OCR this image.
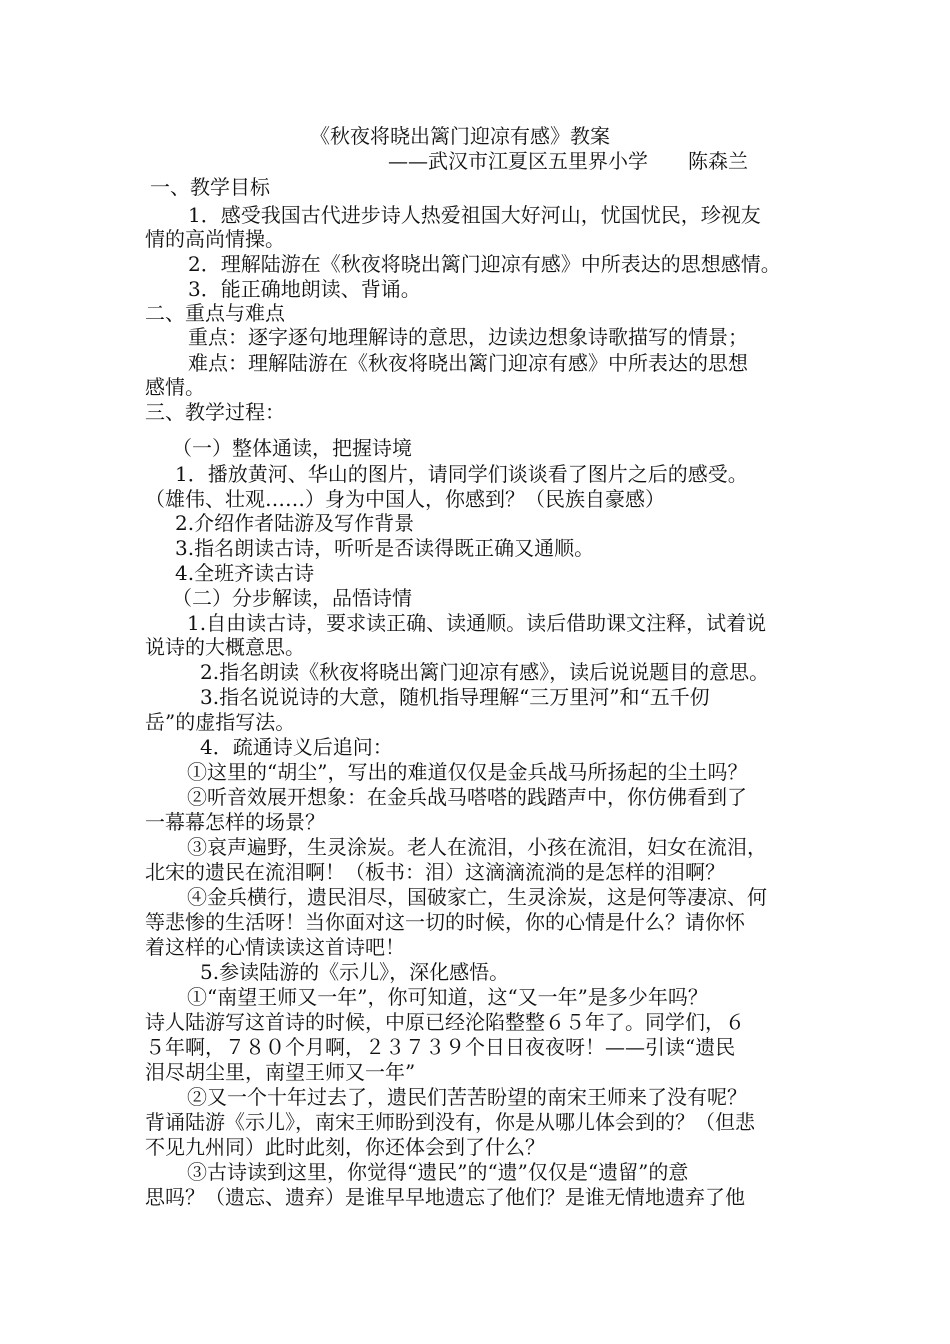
《秋夜将晓出篱门迎凉有感》教案

——武汉市江夏区五里界小学　　陈森兰

一、教学目标

1．感受我国古代进步诗人热爱祖国大好河山，忧国忧民，珍视友

情的高尚情操。

2．理解陆游在《秋夜将晓出篱门迎凉有感》中所表达的思想感情。

3．能正确地朗读、背诵。

二、重点与难点

重点：逐字逐句地理解诗的意思，边读边想象诗歌描写的情景；

难点：理解陆游在《秋夜将晓出篱门迎凉有感》中所表达的思想

感情。

三、教学过程：

（一）整体通读，把握诗境

1．播放黄河、华山的图片，请同学们谈谈看了图片之后的感受。

（雄伟、壮观……）身为中国人，你感到？（民族自豪感）

2.介绍作者陆游及写作背景

3.指名朗读古诗，听听是否读得既正确又通顺。

4.全班齐读古诗

（二）分步解读，品悟诗情

1.自由读古诗，要求读正确、读通顺。读后借助课文注释，试着说

说诗的大概意思。

2.指名朗读《秋夜将晓出篱门迎凉有感》，读后说说题目的意思。

3.指名说说诗的大意，随机指导理解“三万里河”和“五千仞

岳”的虚指写法。

4．疏通诗义后追问：

①这里的“胡尘”，写出的难道仅仅是金兵战马所扬起的尘土吗？

②听音效展开想象：在金兵战马嗒嗒的践踏声中，你仿佛看到了

一幕幕怎样的场景？

③哀声遍野，生灵涂炭。老人在流泪，小孩在流泪，妇女在流泪，

北宋的遗民在流泪啊！（板书：泪）这滴滴流淌的是怎样的泪啊？

④金兵横行，遗民泪尽，国破家亡，生灵涂炭，这是何等凄凉、何

等悲惨的生活呀！当你面对这一切的时候，你的心情是什么？请你怀

着这样的心情读读这首诗吧！

5.参读陆游的《示儿》，深化感悟。

①“南望王师又一年”，你可知道，这“又一年”是多少年吗？

诗人陆游写这首诗的时候，中原已经沦陷整整６５年了。同学们，６

５年啊，７８０个月啊，２３７３９个日日夜夜呀！——引读“遗民

泪尽胡尘里，南望王师又一年”

②又一个十年过去了，遗民们苦苦盼望的南宋王师来了没有呢？

背诵陆游《示儿》，南宋王师盼到没有，你是从哪儿体会到的？（但悲

不见九州同）此时此刻，你还体会到了什么？

③古诗读到这里，你觉得“遗民”的“遗”仅仅是“遗留”的意

思吗？（遗忘、遗弃）是谁早早地遗忘了他们？是谁无情地遗弃了他
